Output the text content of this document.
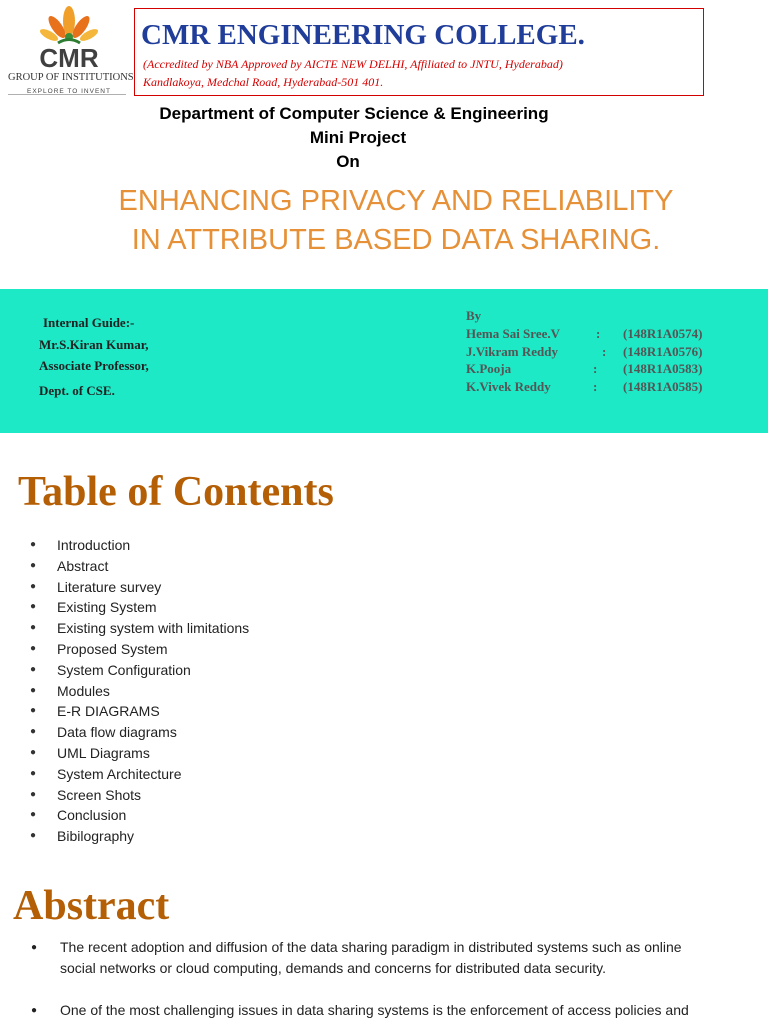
CMR
GROUP OF INSTITUTIONS
EXPLORE TO INVENT
CMR ENGINEERING COLLEGE.
(Accredited by NBA Approved by AICTE NEW DELHI, Affiliated to JNTU, Hyderabad)
Kandlakoya, Medchal Road, Hyderabad-501 401.
Department of Computer Science & Engineering
Mini Project
On
ENHANCING PRIVACY AND RELIABILITY
IN ATTRIBUTE BASED DATA SHARING.
Internal Guide:-
Mr.S.Kiran Kumar,
Associate Professor,
Dept. of CSE.
By
Hema Sai Sree.V	: (148R1A0574)
J.Vikram Reddy	: (148R1A0576)
K.Pooja	: (148R1A0583)
K.Vivek Reddy	: (148R1A0585)
Table of Contents
● Introduction
● Abstract
● Literature survey
● Existing System
● Existing system with limitations
● Proposed System
● System Configuration
● Modules
● E-R DIAGRAMS
● Data flow diagrams
● UML Diagrams
● System Architecture
● Screen Shots
● Conclusion
● Bibilography
Abstract
● The recent adoption and diffusion of the data sharing paradigm in distributed systems such as online
social networks or cloud computing, demands and concerns for distributed data security.
● One of the most challenging issues in data sharing systems is the enforcement of access policies and
